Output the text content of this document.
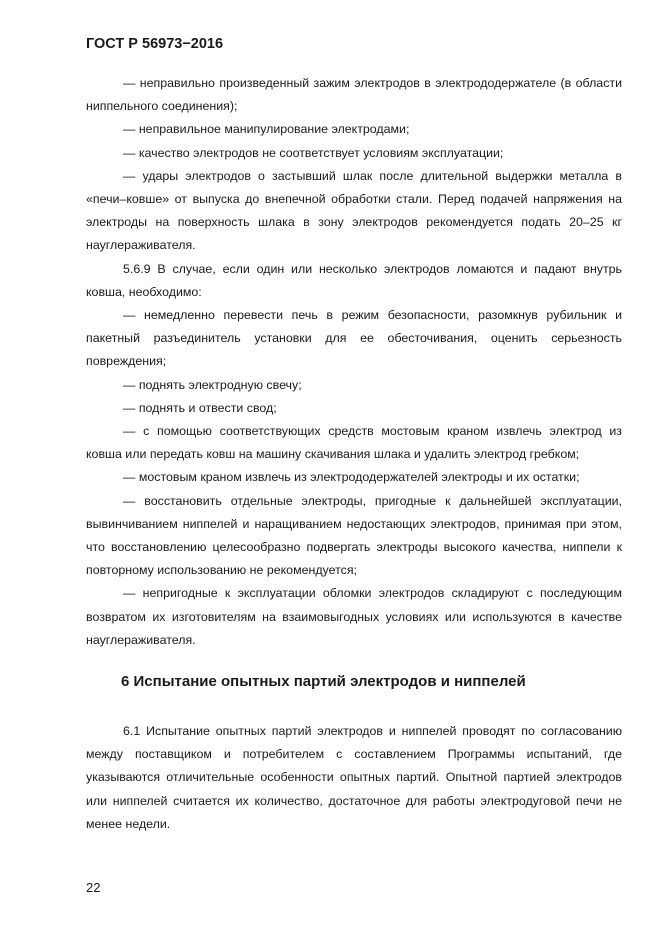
ГОСТ Р 56973−2016

— неправильно произведенный зажим электродов в электрододержателе (в области ниппельного соединения);

— неправильное манипулирование электродами;

— качество электродов не соответствует условиям эксплуатации;

— удары электродов о застывший шлак после длительной выдержки металла в «печи–ковше» от выпуска до внепечной обработки стали. Перед подачей напряжения на электроды на поверхность шлака в зону электродов рекомендуется подать 20–25 кг науглераживателя.

5.6.9 В случае, если один или несколько электродов ломаются и падают внутрь ковша, необходимо:

— немедленно перевести печь в режим безопасности, разомкнув рубильник и пакетный разъединитель установки для ее обесточивания, оценить серьезность повреждения;

— поднять электродную свечу;

— поднять и отвести свод;

— с помощью соответствующих средств мостовым краном извлечь электрод из ковша или передать ковш на машину скачивания шлака и удалить электрод гребком;

— мостовым краном извлечь из электрододержателей электроды и их остатки;

— восстановить отдельные электроды, пригодные к дальнейшей эксплуатации, вывинчиванием ниппелей и наращиванием недостающих электродов, принимая при этом, что восстановлению целесообразно подвергать электроды высокого качества, ниппели к повторному использованию не рекомендуется;

— непригодные к эксплуатации обломки электродов складируют с последующим возвратом их изготовителям на взаимовыгодных условиях или используются в качестве науглераживателя.

6 Испытание опытных партий электродов и ниппелей

6.1 Испытание опытных партий электродов и ниппелей проводят по согласованию между поставщиком и потребителем с составлением Программы испытаний, где указываются отличительные особенности опытных партий. Опытной партией электродов или ниппелей считается их количество, достаточное для работы электродуговой печи не менее недели.

22
